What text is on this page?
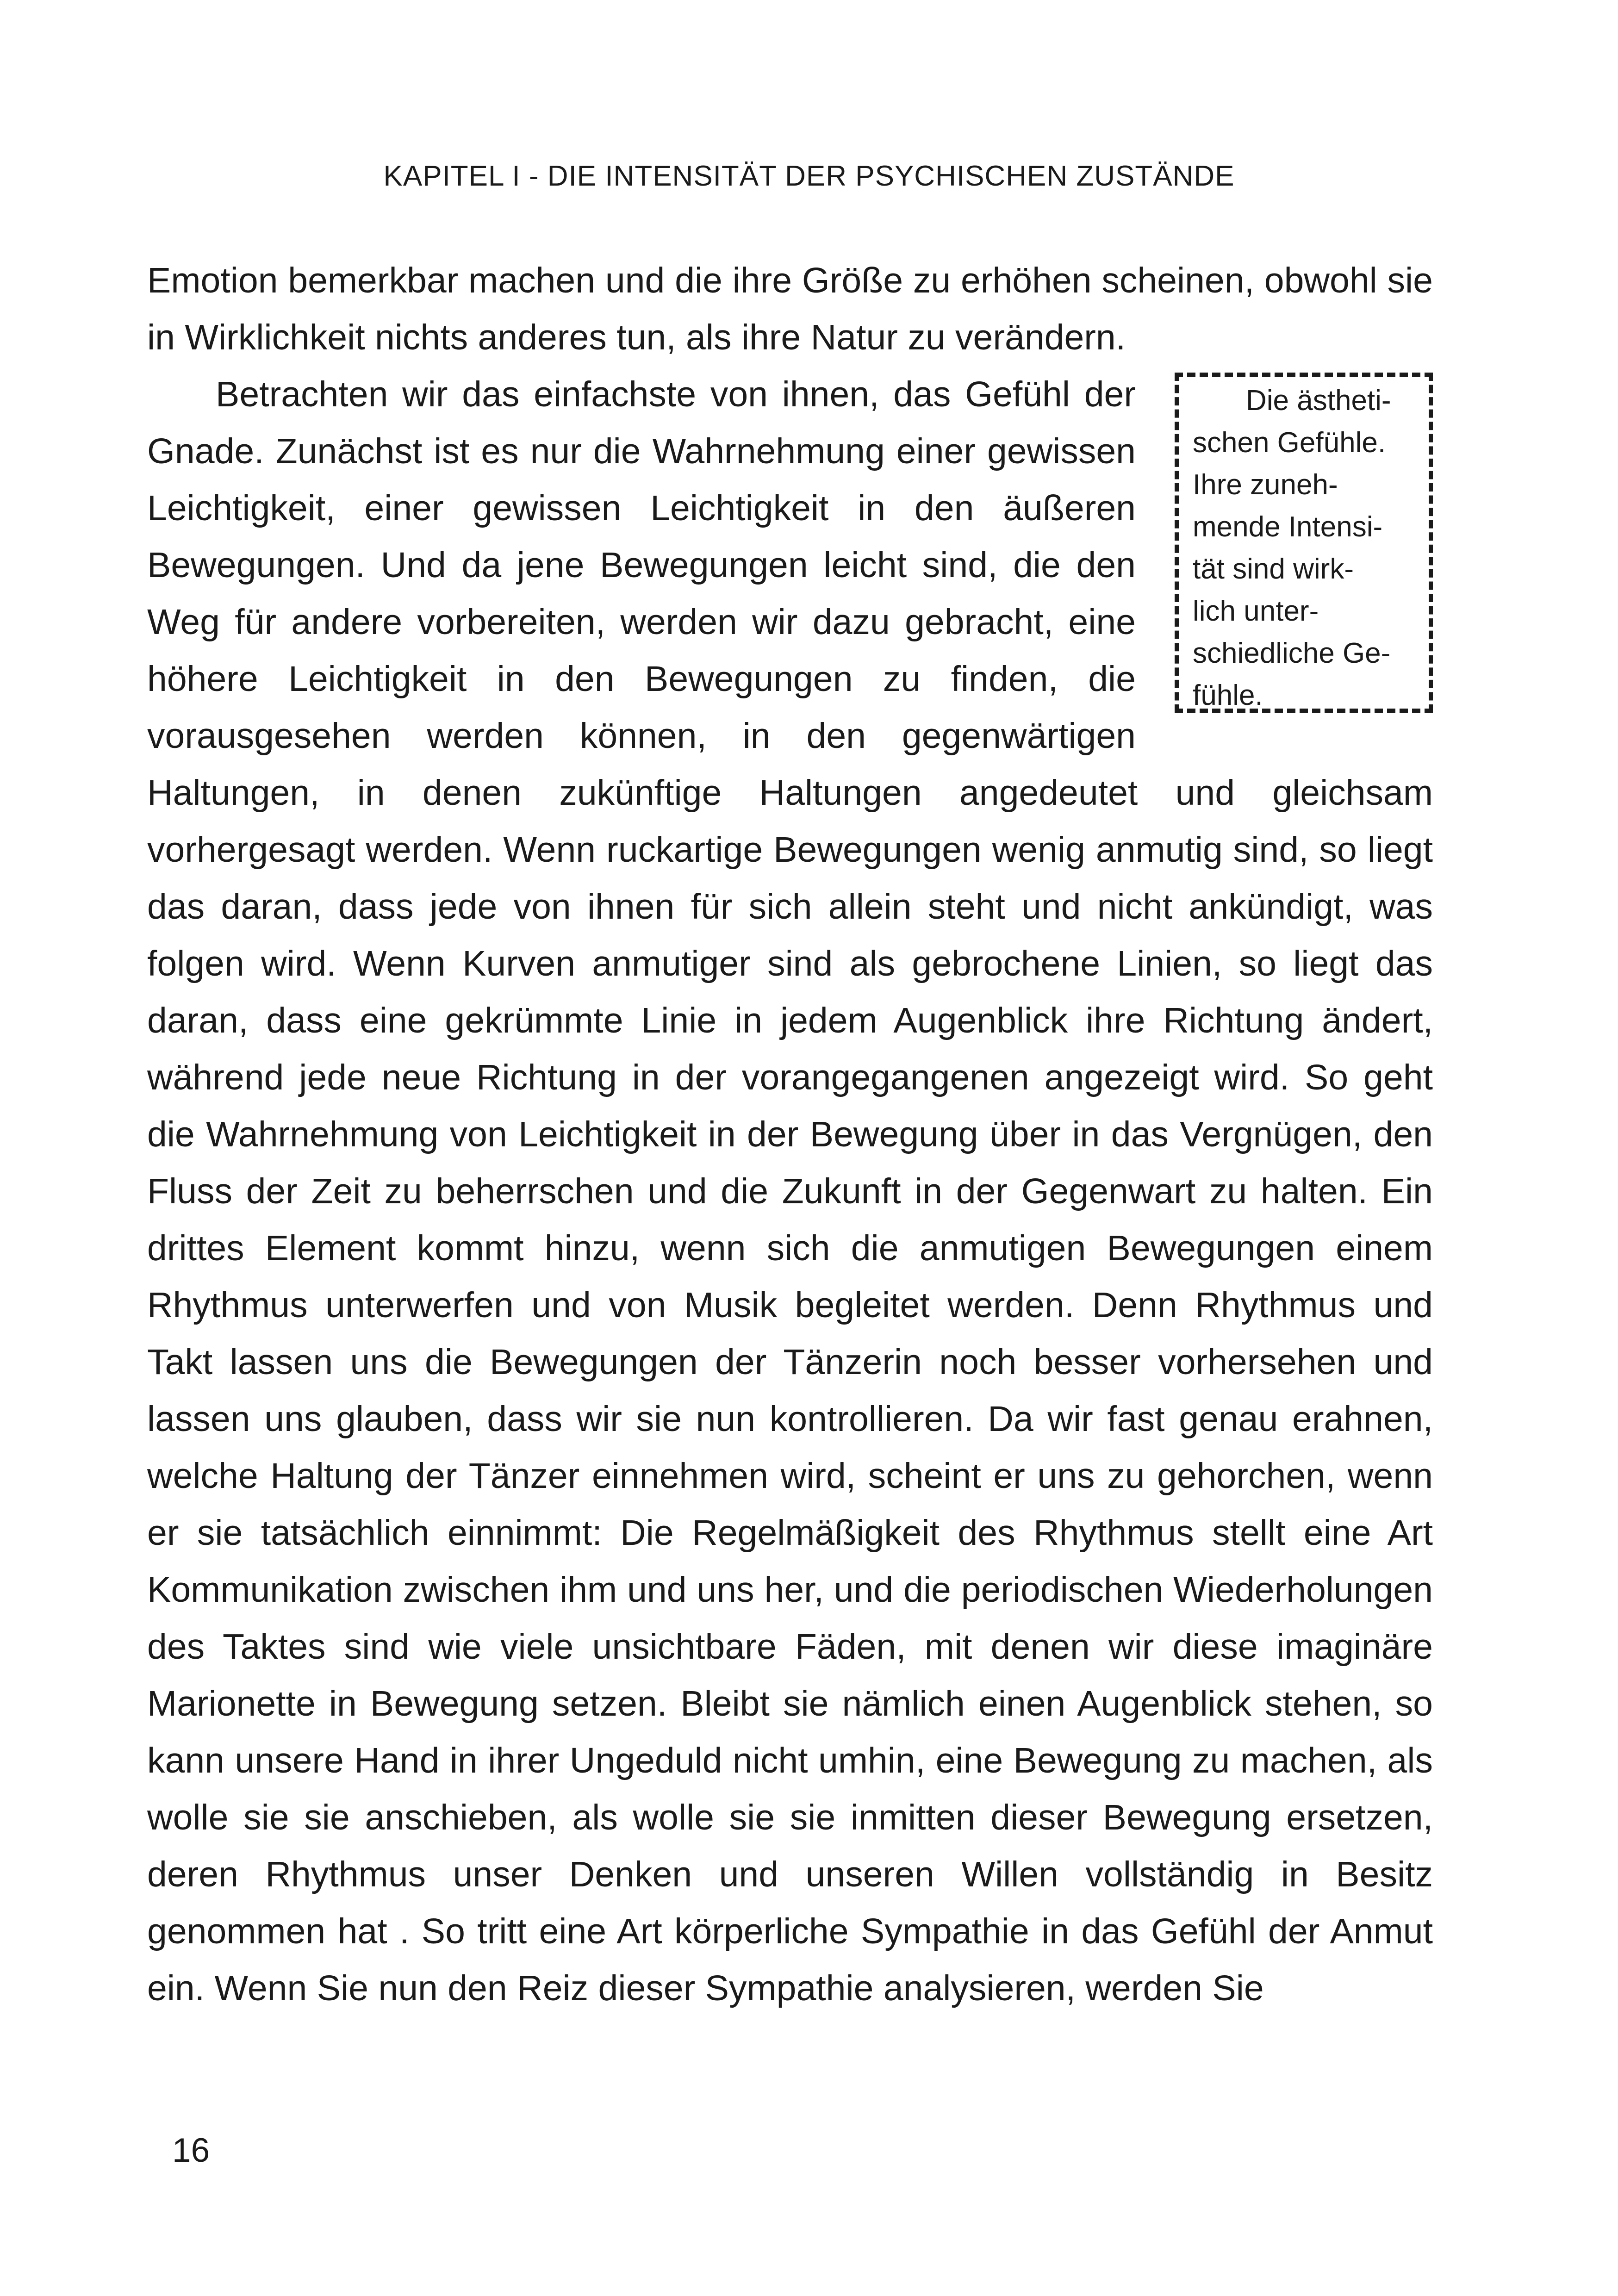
KAPITEL I - DIE INTENSITÄT DER PSYCHISCHEN ZUSTÄNDE

Emotion bemerkbar machen und die ihre Größe zu erhöhen scheinen, obwohl sie in Wirklichkeit nichts anderes tun, als ihre Natur zu verändern.

Die ästheti-
schen Gefühle.
Ihre zuneh-
mende Intensi-
tät sind wirk-
lich unter-
schiedliche Ge-
fühle.
Betrachten wir das einfachste von ihnen, das Gefühl der Gnade. Zunächst ist es nur die Wahrnehmung einer gewissen Leichtigkeit, einer gewissen Leichtigkeit in den äußeren Bewegungen. Und da jene Bewegungen leicht sind, die den Weg für andere vorbereiten, werden wir dazu gebracht, eine höhere Leichtigkeit in den Bewegungen zu finden, die vorausgesehen werden können, in den gegenwärtigen Haltungen, in denen zukünftige Haltungen angedeutet und gleichsam vorhergesagt werden. Wenn ruckartige Bewegungen wenig anmutig sind, so liegt das daran, dass jede von ihnen für sich allein steht und nicht ankündigt, was folgen wird. Wenn Kurven anmutiger sind als gebrochene Linien, so liegt das daran, dass eine gekrümmte Linie in jedem Augenblick ihre Richtung ändert, während jede neue Richtung in der vorangegangenen angezeigt wird. So geht die Wahrnehmung von Leichtigkeit in der Bewegung über in das Vergnügen, den Fluss der Zeit zu beherrschen und die Zukunft in der Gegenwart zu halten. Ein drittes Element kommt hinzu, wenn sich die anmutigen Bewegungen einem Rhythmus unterwerfen und von Musik begleitet werden. Denn Rhythmus und Takt lassen uns die Bewegungen der Tänzerin noch besser vorhersehen und lassen uns glauben, dass wir sie nun kontrollieren. Da wir fast genau erahnen, welche Haltung der Tänzer einnehmen wird, scheint er uns zu gehorchen, wenn er sie tatsächlich einnimmt: Die Regelmäßigkeit des Rhythmus stellt eine Art Kommunikation zwischen ihm und uns her, und die periodischen Wiederholungen des Taktes sind wie viele unsichtbare Fäden, mit denen wir diese imaginäre Marionette in Bewegung setzen. Bleibt sie nämlich einen Augenblick stehen, so kann unsere Hand in ihrer Ungeduld nicht umhin, eine Bewegung zu machen, als wolle sie sie anschieben, als wolle sie sie inmitten dieser Bewegung ersetzen, deren Rhythmus unser Denken und unseren Willen vollständig in Besitz genommen hat . So tritt eine Art körperliche Sympathie in das Gefühl der Anmut ein. Wenn Sie nun den Reiz dieser Sympathie analysieren, werden Sie

16
